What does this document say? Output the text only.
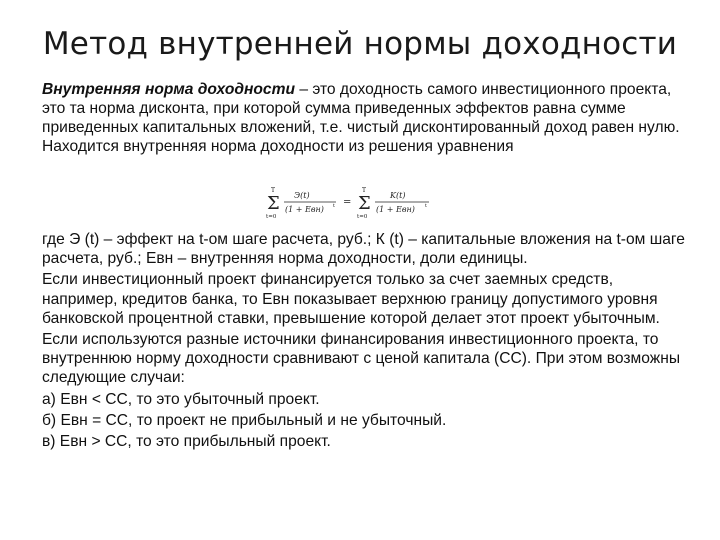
Метод внутренней нормы доходности
Внутренняя норма доходности – это доходность самого инвестиционного проекта, это та норма дисконта, при которой сумма приведенных эффектов равна сумме приведенных капитальных вложений, т.е. чистый дисконтированный доход равен нулю. Находится внутренняя норма доходности из решения уравнения
T
Σ
t=0
Э(t)
(1 + Евн) t =
T
Σ
t=0
K(t)
(1 + Евн) t

где Э (t) – эффект на t-ом шаге расчета, руб.; К (t) – капитальные вложения на t-ом шаге расчета, руб.; Евн – внутренняя норма доходности, доли единицы.

Если инвестиционный проект финансируется только за счет заемных средств, например, кредитов банка, то Евн показывает верхнюю границу допустимого уровня банковской процентной ставки, превышение которой делает этот проект убыточным.

Если используются разные источники финансирования инвестиционного проекта, то внутреннюю норму доходности сравнивают с ценой капитала (СС). При этом возможны следующие случаи:

а) Евн < СС, то это убыточный проект.

б) Евн = СС, то проект не прибыльный и не убыточный.

в) Евн > СС, то это прибыльный проект.
